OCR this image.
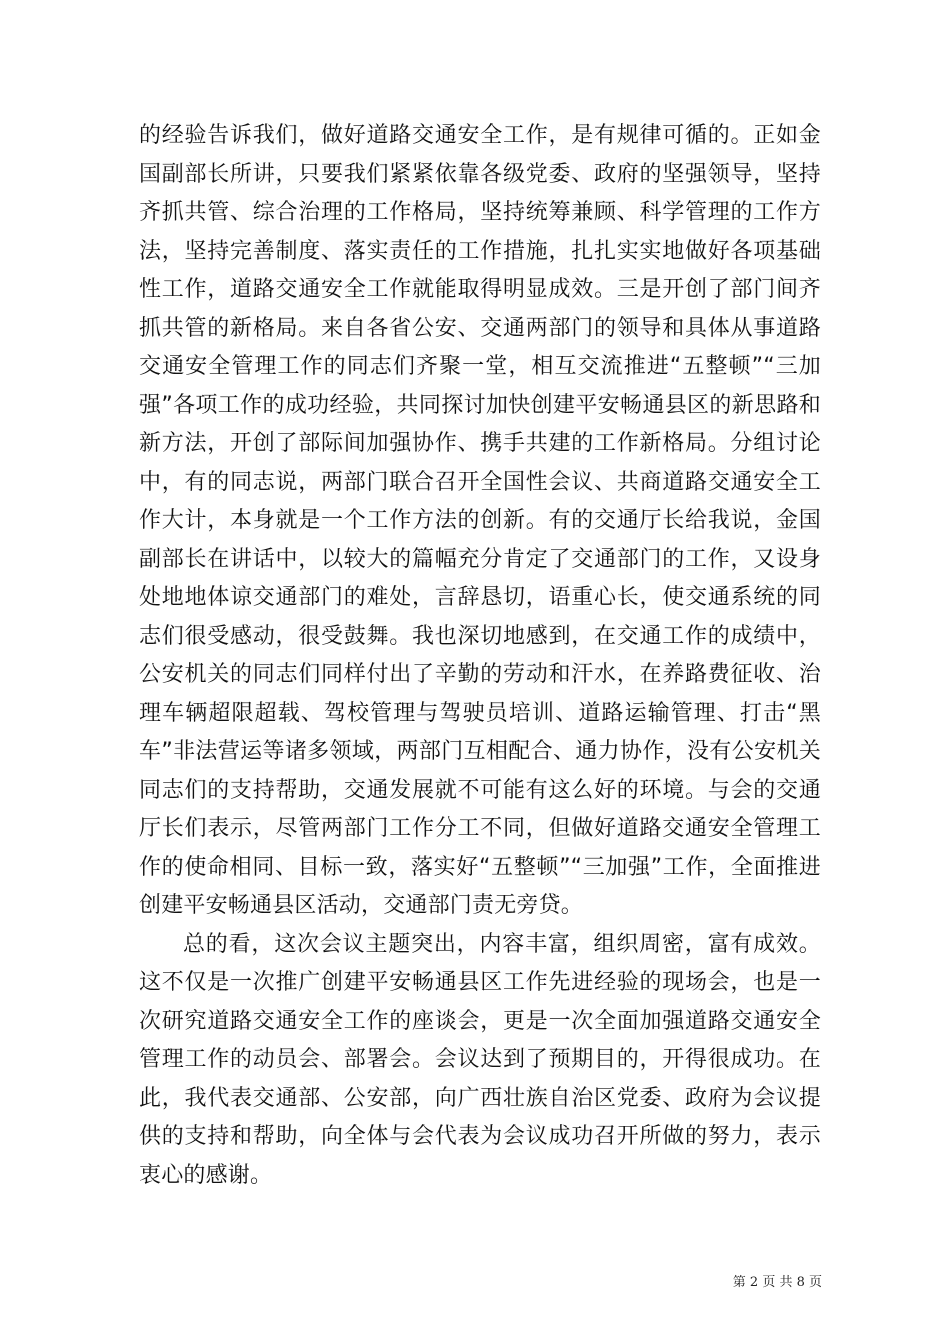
的经验告诉我们，做好道路交通安全工作，是有规律可循的。正如金国副部长所讲，只要我们紧紧依靠各级党委、政府的坚强领导，坚持齐抓共管、综合治理的工作格局，坚持统筹兼顾、科学管理的工作方法，坚持完善制度、落实责任的工作措施，扎扎实实地做好各项基础性工作，道路交通安全工作就能取得明显成效。三是开创了部门间齐抓共管的新格局。来自各省公安、交通两部门的领导和具体从事道路交通安全管理工作的同志们齐聚一堂，相互交流推进“五整顿”“三加强”各项工作的成功经验，共同探讨加快创建平安畅通县区的新思路和新方法，开创了部际间加强协作、携手共建的工作新格局。分组讨论中，有的同志说，两部门联合召开全国性会议、共商道路交通安全工作大计，本身就是一个工作方法的创新。有的交通厅长给我说，金国副部长在讲话中，以较大的篇幅充分肯定了交通部门的工作，又设身处地地体谅交通部门的难处，言辞恳切，语重心长，使交通系统的同志们很受感动，很受鼓舞。我也深切地感到，在交通工作的成绩中，公安机关的同志们同样付出了辛勤的劳动和汗水，在养路费征收、治理车辆超限超载、驾校管理与驾驶员培训、道路运输管理、打击“黑车”非法营运等诸多领域，两部门互相配合、通力协作，没有公安机关同志们的支持帮助，交通发展就不可能有这么好的环境。与会的交通厅长们表示，尽管两部门工作分工不同，但做好道路交通安全管理工作的使命相同、目标一致，落实好“五整顿”“三加强”工作，全面推进创建平安畅通县区活动，交通部门责无旁贷。

总的看，这次会议主题突出，内容丰富，组织周密，富有成效。这不仅是一次推广创建平安畅通县区工作先进经验的现场会，也是一次研究道路交通安全工作的座谈会，更是一次全面加强道路交通安全管理工作的动员会、部署会。会议达到了预期目的，开得很成功。在此，我代表交通部、公安部，向广西壮族自治区党委、政府为会议提供的支持和帮助，向全体与会代表为会议成功召开所做的努力，表示衷心的感谢。

第 2 页 共 8 页
